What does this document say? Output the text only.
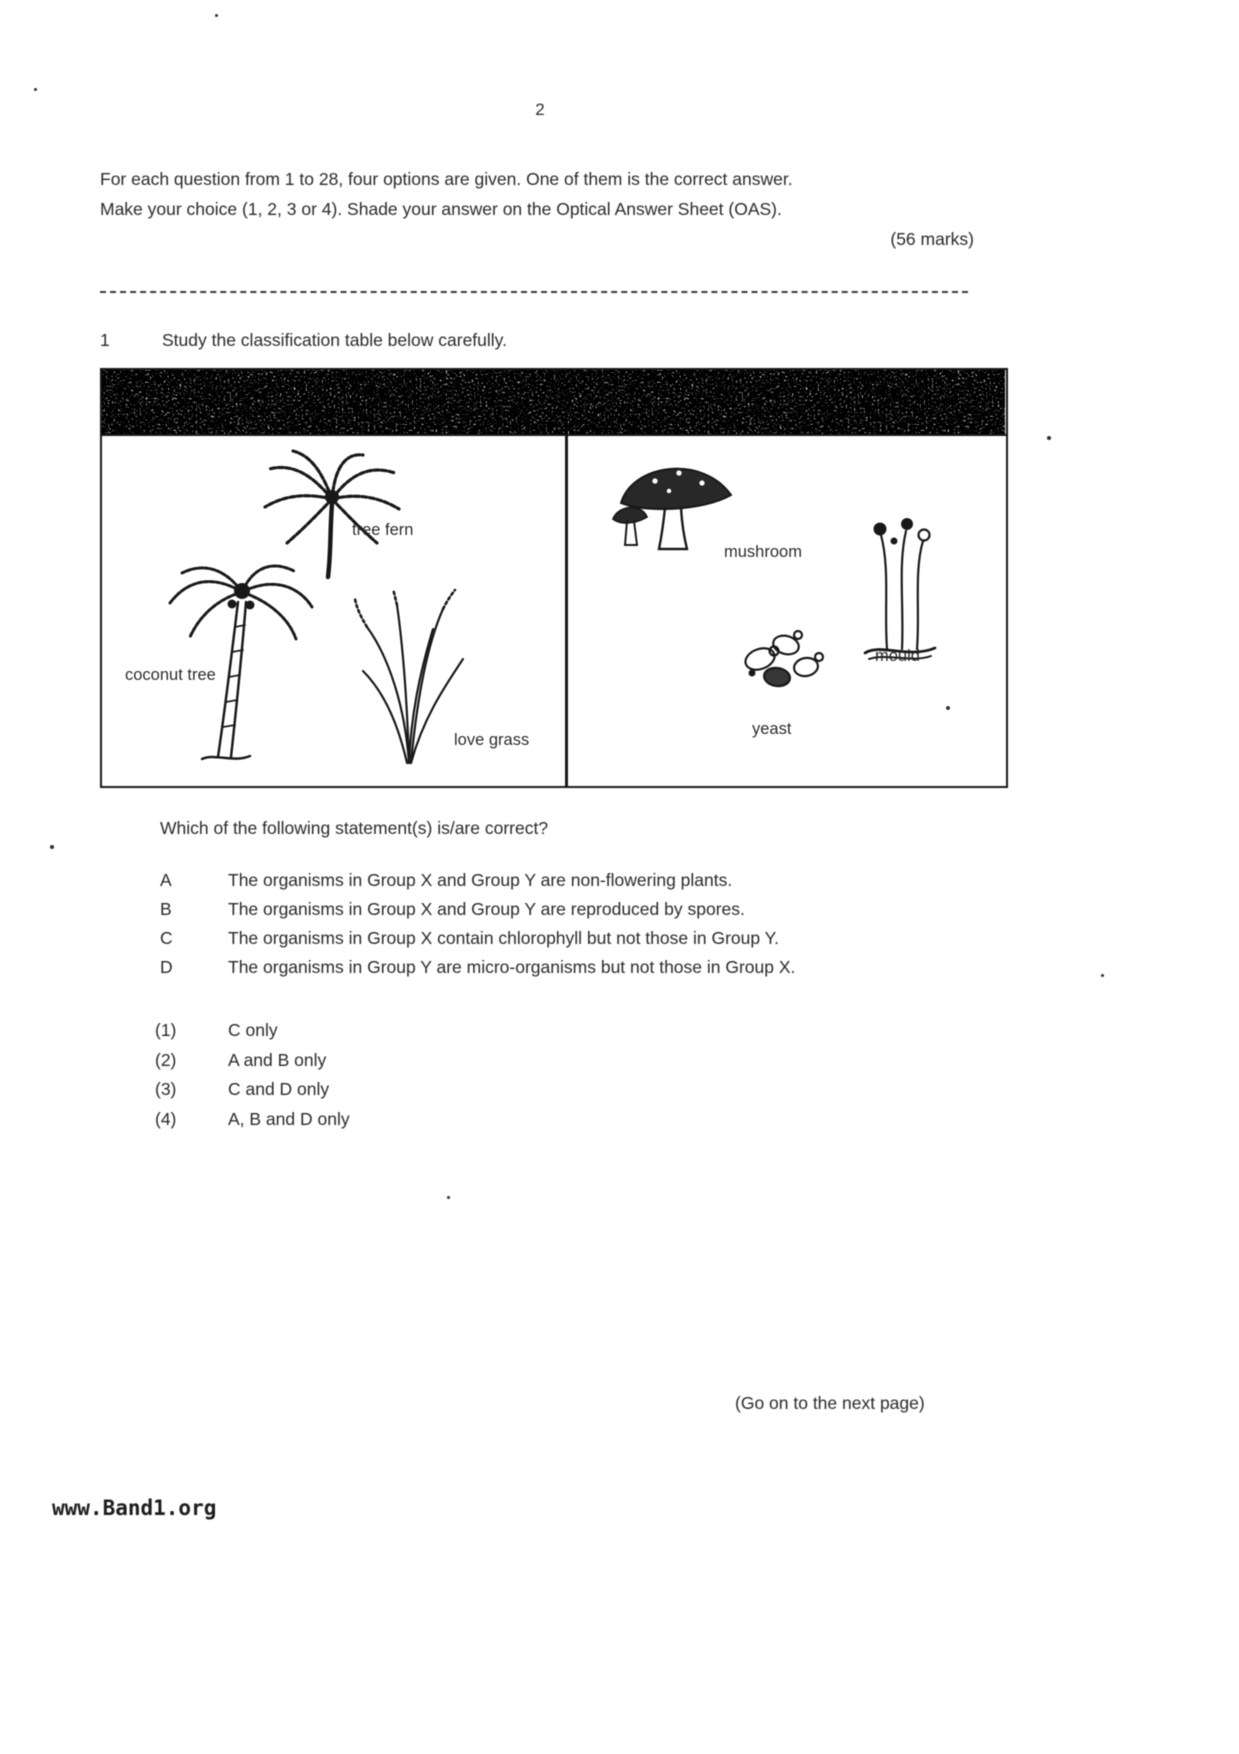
2
For each question from 1 to 28, four options are given. One of them is the correct answer.
Make your choice (1, 2, 3 or 4). Shade your answer on the Optical Answer Sheet (OAS).
(56 marks)
1	Study the classification table below carefully.
tree fern
coconut tree
love grass
mushroom
mould
yeast
Which of the following statement(s) is/are correct?
A	The organisms in Group X and Group Y are non-flowering plants.
B	The organisms in Group X and Group Y are reproduced by spores.
C	The organisms in Group X contain chlorophyll but not those in Group Y.
D	The organisms in Group Y are micro-organisms but not those in Group X.
(1)	C only
(2)	A and B only
(3)	C and D only
(4)	A, B and D only
(Go on to the next page)
www.Band1.org
